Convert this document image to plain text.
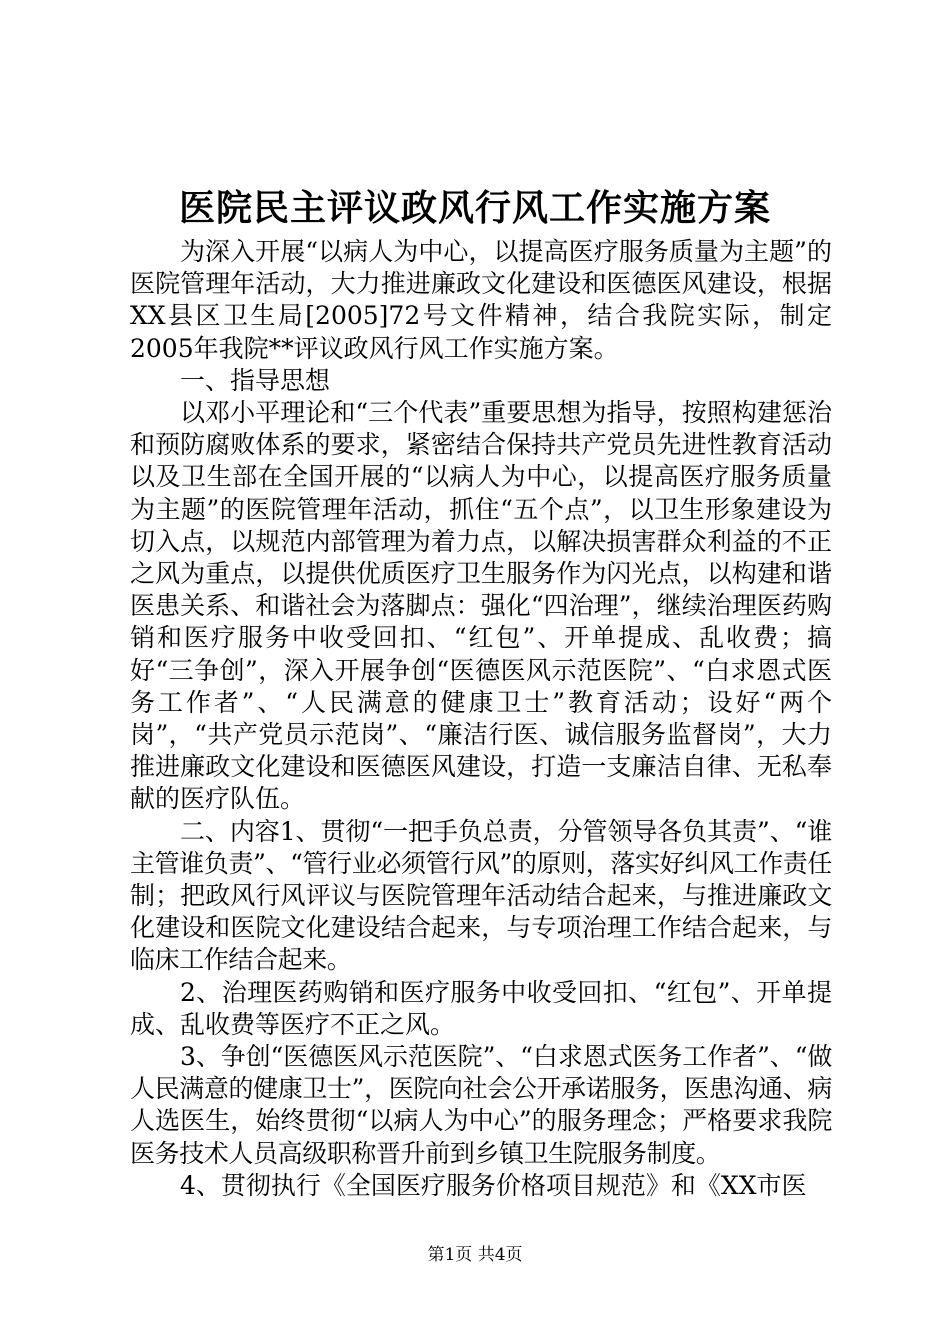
医院民主评议政风行风工作实施方案

为深入开展“以病人为中心，以提高医疗服务质量为主题”的医院管理年活动，大力推进廉政文化建设和医德医风建设，根据XX县区卫生局[2005]72号文件精神，结合我院实际，制定2005年我院**评议政风行风工作实施方案。

一、指导思想

以邓小平理论和“三个代表”重要思想为指导，按照构建惩治和预防腐败体系的要求，紧密结合保持共产党员先进性教育活动以及卫生部在全国开展的“以病人为中心，以提高医疗服务质量为主题”的医院管理年活动，抓住“五个点”，以卫生形象建设为切入点，以规范内部管理为着力点，以解决损害群众利益的不正之风为重点，以提供优质医疗卫生服务作为闪光点，以构建和谐医患关系、和谐社会为落脚点：强化“四治理”，继续治理医药购销和医疗服务中收受回扣、“红包”、开单提成、乱收费；搞好“三争创”，深入开展争创“医德医风示范医院”、“白求恩式医务工作者”、“人民满意的健康卫士”教育活动；设好“两个岗”，“共产党员示范岗”、“廉洁行医、诚信服务监督岗”，大力推进廉政文化建设和医德医风建设，打造一支廉洁自律、无私奉献的医疗队伍。

二、内容1、贯彻“一把手负总责，分管领导各负其责”、“谁主管谁负责”、“管行业必须管行风”的原则，落实好纠风工作责任制；把政风行风评议与医院管理年活动结合起来，与推进廉政文化建设和医院文化建设结合起来，与专项治理工作结合起来，与临床工作结合起来。

2、治理医药购销和医疗服务中收受回扣、“红包”、开单提成、乱收费等医疗不正之风。

3、争创“医德医风示范医院”、“白求恩式医务工作者”、“做人民满意的健康卫士”，医院向社会公开承诺服务，医患沟通、病人选医生，始终贯彻“以病人为中心”的服务理念；严格要求我院医务技术人员高级职称晋升前到乡镇卫生院服务制度。

4、贯彻执行《全国医疗服务价格项目规范》和《XX市医

第1页 共4页
